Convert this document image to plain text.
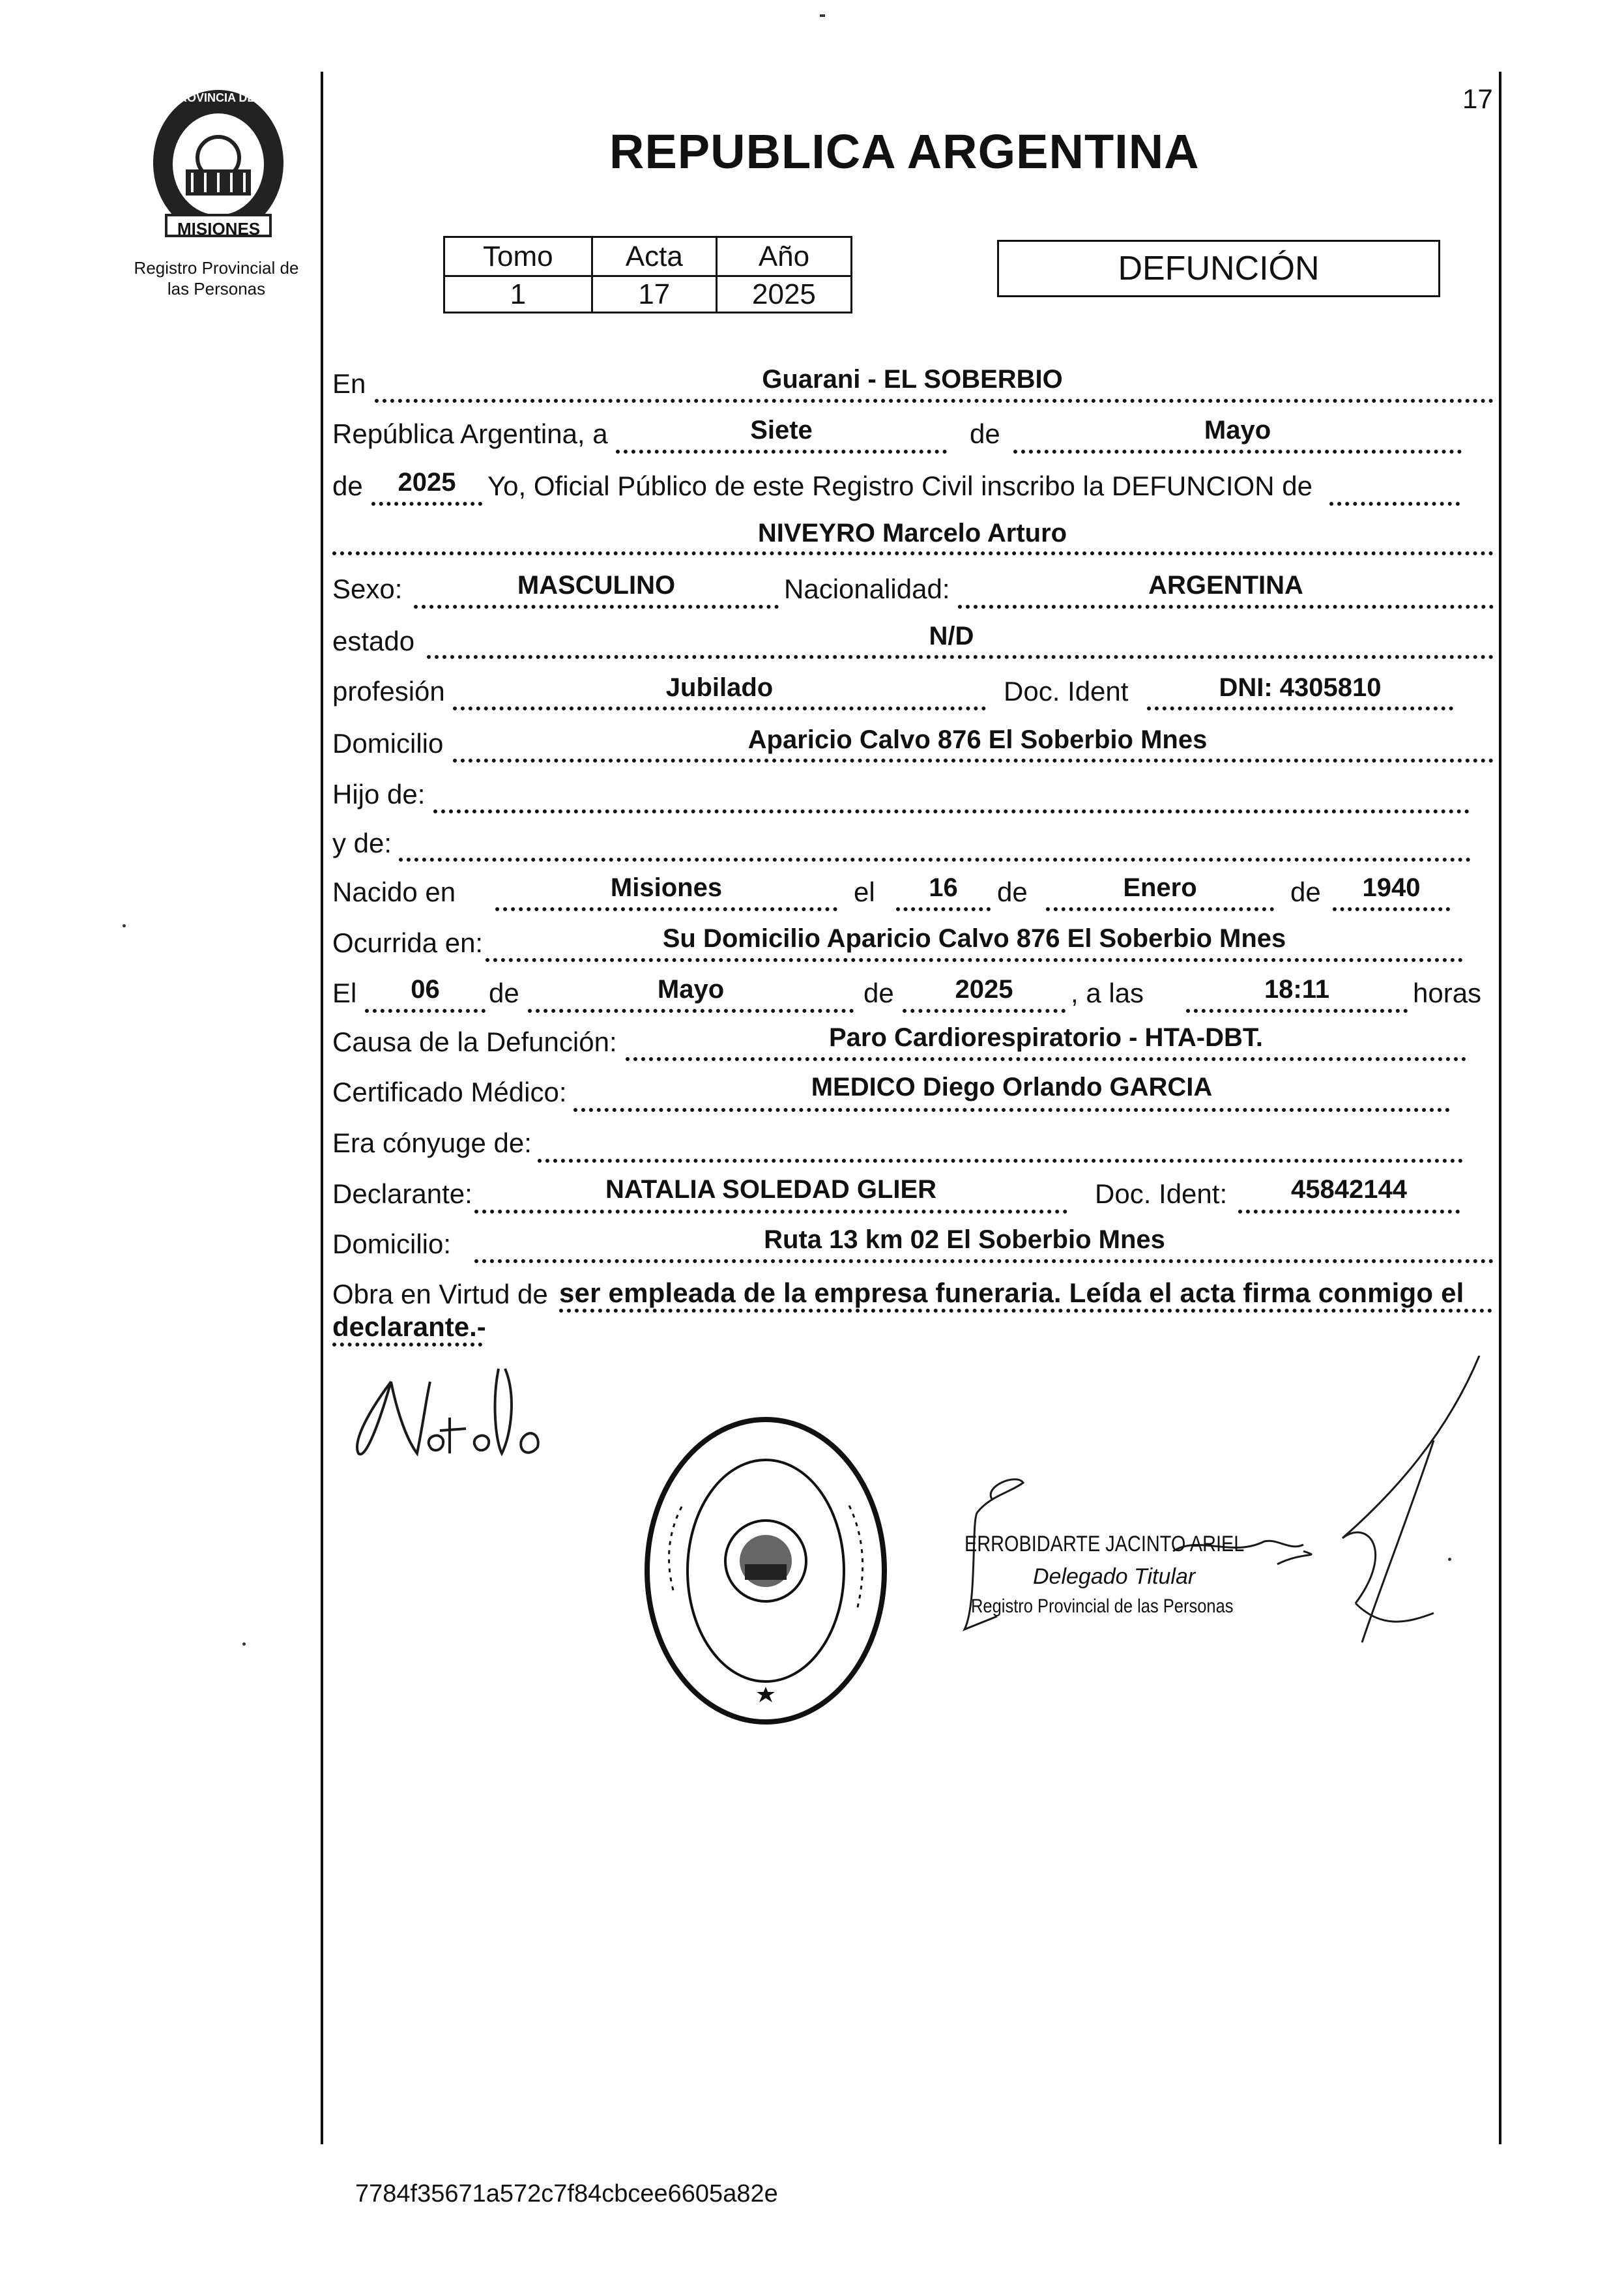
17
PROVINCIA DE
MISIONES
Registro Provincial de
las Personas
REPUBLICA ARGENTINA
Tomo	Acta	Año
1	17	2025
DEFUNCIÓN
En	Guarani - EL SOBERBIO
República Argentina, a	Siete	de	Mayo
de	2025	Yo, Oficial Público de este Registro Civil inscribo la DEFUNCION de
NIVEYRO Marcelo Arturo
Sexo:	MASCULINO	Nacionalidad:	ARGENTINA
estado	N/D
profesión	Jubilado	Doc. Ident	DNI: 4305810
Domicilio	Aparicio Calvo 876 El Soberbio Mnes
Hijo de:
y de:
Nacido en	Misiones	el	16	de	Enero	de	1940
Ocurrida en:	Su Domicilio Aparicio Calvo 876 El Soberbio Mnes
El	06	de	Mayo	de	2025	, a las	18:11	horas
Causa de la Defunción:	Paro Cardiorespiratorio - HTA-DBT.
Certificado Médico:	MEDICO Diego Orlando GARCIA
Era cónyuge de:
Declarante:	NATALIA SOLEDAD GLIER	Doc. Ident:	45842144
Domicilio:	Ruta 13 km 02 El Soberbio Mnes
Obra en Virtud de ser empleada de la empresa funeraria. Leída el acta firma conmigo el
declarante.-
ERROBIDARTE JACINTO ARIEL
Delegado Titular
Registro Provincial de las Personas
7784f35671a572c7f84cbcee6605a82e
